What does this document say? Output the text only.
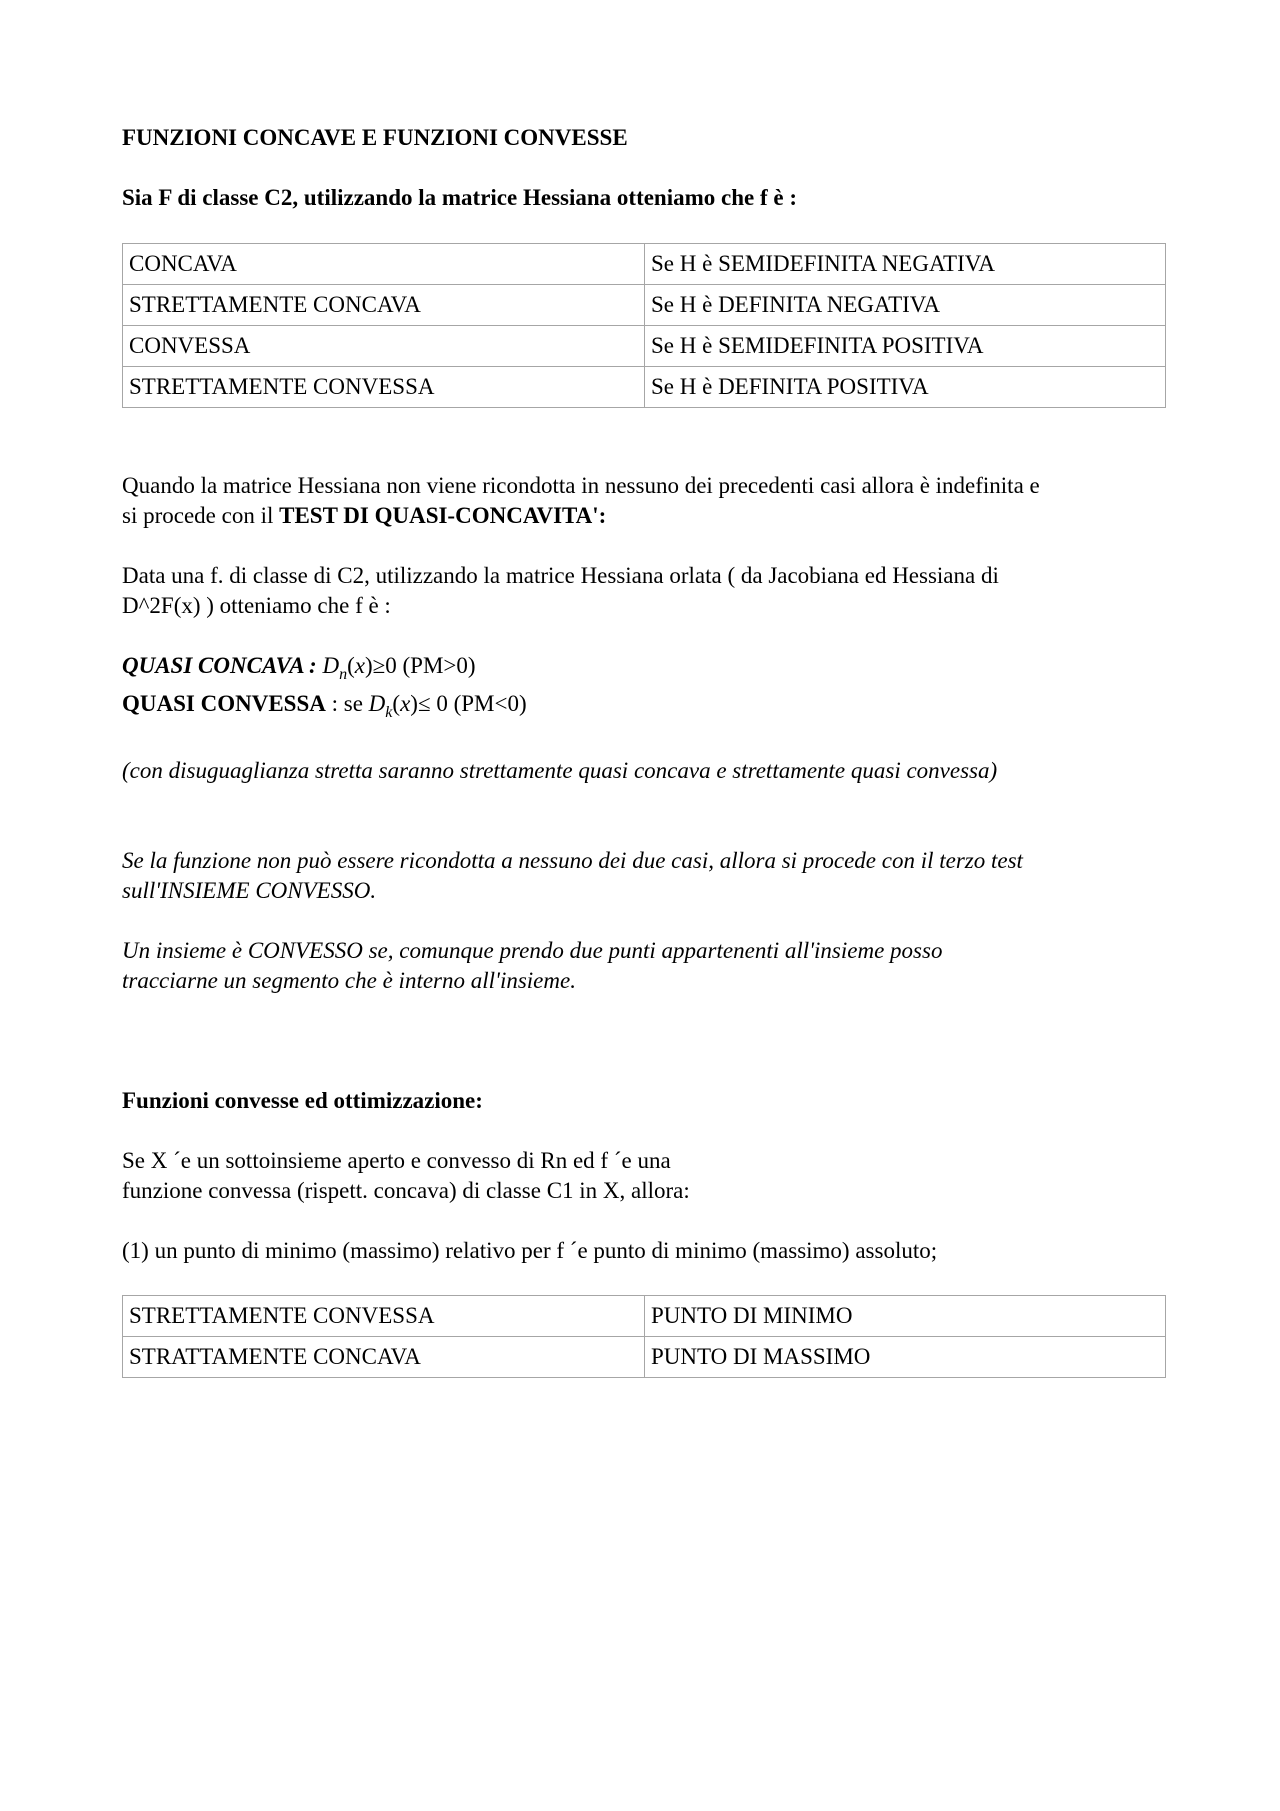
FUNZIONI CONCAVE E FUNZIONI CONVESSE
Sia F di classe C2, utilizzando la matrice Hessiana otteniamo che f è :
CONCAVA	Se H è SEMIDEFINITA NEGATIVA
STRETTAMENTE CONCAVA	Se H è DEFINITA NEGATIVA
CONVESSA	Se H è SEMIDEFINITA POSITIVA
STRETTAMENTE CONVESSA	Se H è DEFINITA POSITIVA
Quando la matrice Hessiana non viene ricondotta in nessuno dei precedenti casi allora è indefinita e
si procede con il TEST DI QUASI-CONCAVITA':
Data una f. di classe di C2, utilizzando la matrice Hessiana orlata ( da Jacobiana ed Hessiana di
D^2F(x) ) otteniamo che f è :
QUASI CONCAVA : $D_n(x)\ge 0$ (PM>0)
QUASI CONVESSA : se $D_k(x)\le 0$ (PM<0)
(con disuguaglianza stretta saranno strettamente quasi concava e strettamente quasi convessa)
Se la funzione non può essere ricondotta a nessuno dei due casi, allora si procede con il terzo test
sull'INSIEME CONVESSO.
Un insieme è CONVESSO se, comunque prendo due punti appartenenti all'insieme posso
tracciarne un segmento che è interno all'insieme.
Funzioni convesse ed ottimizzazione:
Se X ´e un sottoinsieme aperto e convesso di Rn ed f ´e una
funzione convessa (rispett. concava) di classe C1 in X, allora:
(1) un punto di minimo (massimo) relativo per f ´e punto di minimo (massimo) assoluto;
STRETTAMENTE CONVESSA	PUNTO DI MINIMO
STRATTAMENTE CONCAVA	PUNTO DI MASSIMO
